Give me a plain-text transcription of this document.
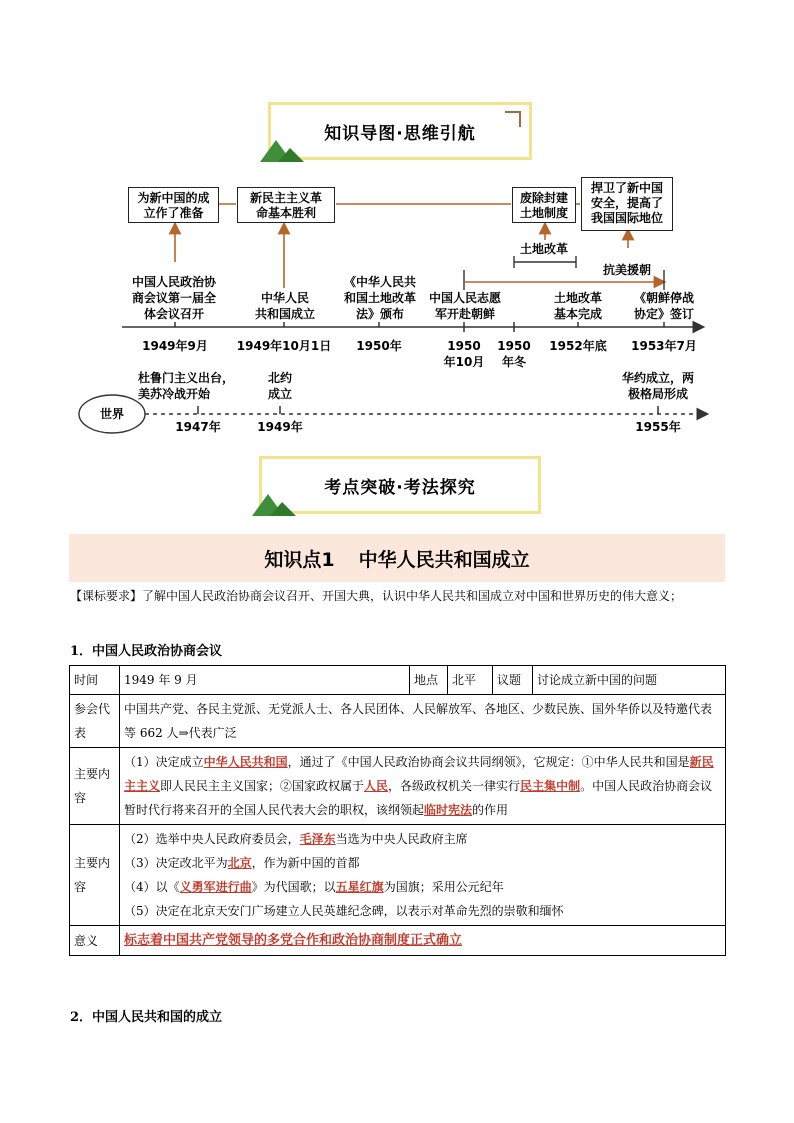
知识导图·思维引航
为新中国的成
立作了准备
新民主主义革
命基本胜利
废除封建
土地制度
捍卫了新中国
安全，提高了
我国国际地位
土地改革
抗美援朝
中国人民政治协
商会议第一届全
体会议召开
中华人民
共和国成立
《中华人民共
和国土地改革
法》颁布
中国人民志愿
军开赴朝鲜
土地改革
基本完成
《朝鲜停战
协定》签订
1949年9月	1949年10月1日	1950年	1950
年10月
1950
年冬
1952年底	1953年7月
世界
杜鲁门主义出台，
美苏冷战开始
北约
成立
华约成立，两
极格局形成
1947年	1949年	1955年
考点突破·考法探究
知识点1 中华人民共和国成立
【课标要求】了解中国人民政治协商会议召开、开国大典，认识中华人民共和国成立对中国和世界历史的伟大意义；
1．中国人民政治协商会议
时间	1949 年 9 月	地点	北平	议题	讨论成立新中国的问题
参会代表	中国共产党、各民主党派、无党派人士、各人民团体、人民解放军、各地区、少数民族、国外华侨以及特邀代表等 662 人⇒代表广泛				
主要内容	（1）决定成立中华人民共和国，通过了《中国人民政治协商会议共同纲领》，它规定：①中华人民共和国是新民主主义即人民民主主义国家；②国家政权属于人民，各级政权机关一律实行民主集中制。中国人民政治协商会议暂时代行将来召开的全国人民代表大会的职权，该纲领起临时宪法的作用				
主要内容	（2）选举中央人民政府委员会，毛泽东当选为中央人民政府主席
（3）决定改北平为北京，作为新中国的首都
（4）以《义勇军进行曲》为代国歌；以五星红旗为国旗；采用公元纪年
（5）决定在北京天安门广场建立人民英雄纪念碑，以表示对革命先烈的崇敬和缅怀				

意义	标志着中国共产党领导的多党合作和政治协商制度正式确立				
2．中国人民共和国的成立
